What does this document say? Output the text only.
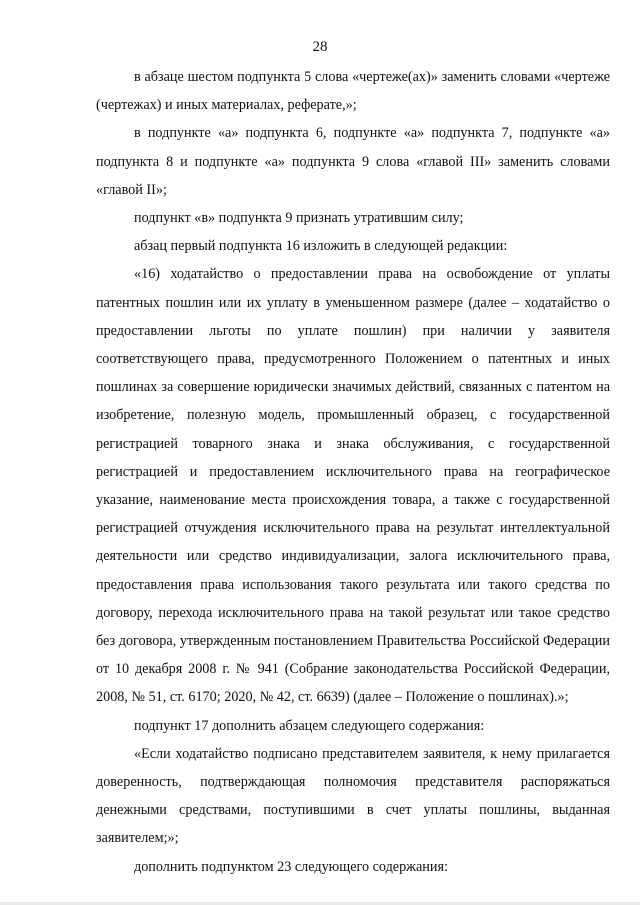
28

в абзаце шестом подпункта 5 слова «чертеже(ах)» заменить словами «чертеже (чертежах) и иных материалах, реферате,»;

в подпункте «а» подпункта 6, подпункте «а» подпункта 7, подпункте «а» подпункта 8 и подпункте «а» подпункта 9 слова «главой III» заменить словами «главой II»;

подпункт «в» подпункта 9 признать утратившим силу;

абзац первый подпункта 16 изложить в следующей редакции:

«16) ходатайство о предоставлении права на освобождение от уплаты патентных пошлин или их уплату в уменьшенном размере (далее – ходатайство о предоставлении льготы по уплате пошлин) при наличии у заявителя соответствующего права, предусмотренного Положением о патентных и иных пошлинах за совершение юридически значимых действий, связанных с патентом на изобретение, полезную модель, промышленный образец, с государственной регистрацией товарного знака и знака обслуживания, с государственной регистрацией и предоставлением исключительного права на географическое указание, наименование места происхождения товара, а также с государственной регистрацией отчуждения исключительного права на результат интеллектуальной деятельности или средство индивидуализации, залога исключительного права, предоставления права использования такого результата или такого средства по договору, перехода исключительного права на такой результат или такое средство без договора, утвержденным постановлением Правительства Российской Федерации от 10 декабря 2008 г. № 941 (Собрание законодательства Российской Федерации, 2008, № 51, ст. 6170; 2020, № 42, ст. 6639) (далее – Положение о пошлинах).»;

подпункт 17 дополнить абзацем следующего содержания:

«Если ходатайство подписано представителем заявителя, к нему прилагается доверенность, подтверждающая полномочия представителя распоряжаться денежными средствами, поступившими в счет уплаты пошлины, выданная заявителем;»;

дополнить подпунктом 23 следующего содержания:
